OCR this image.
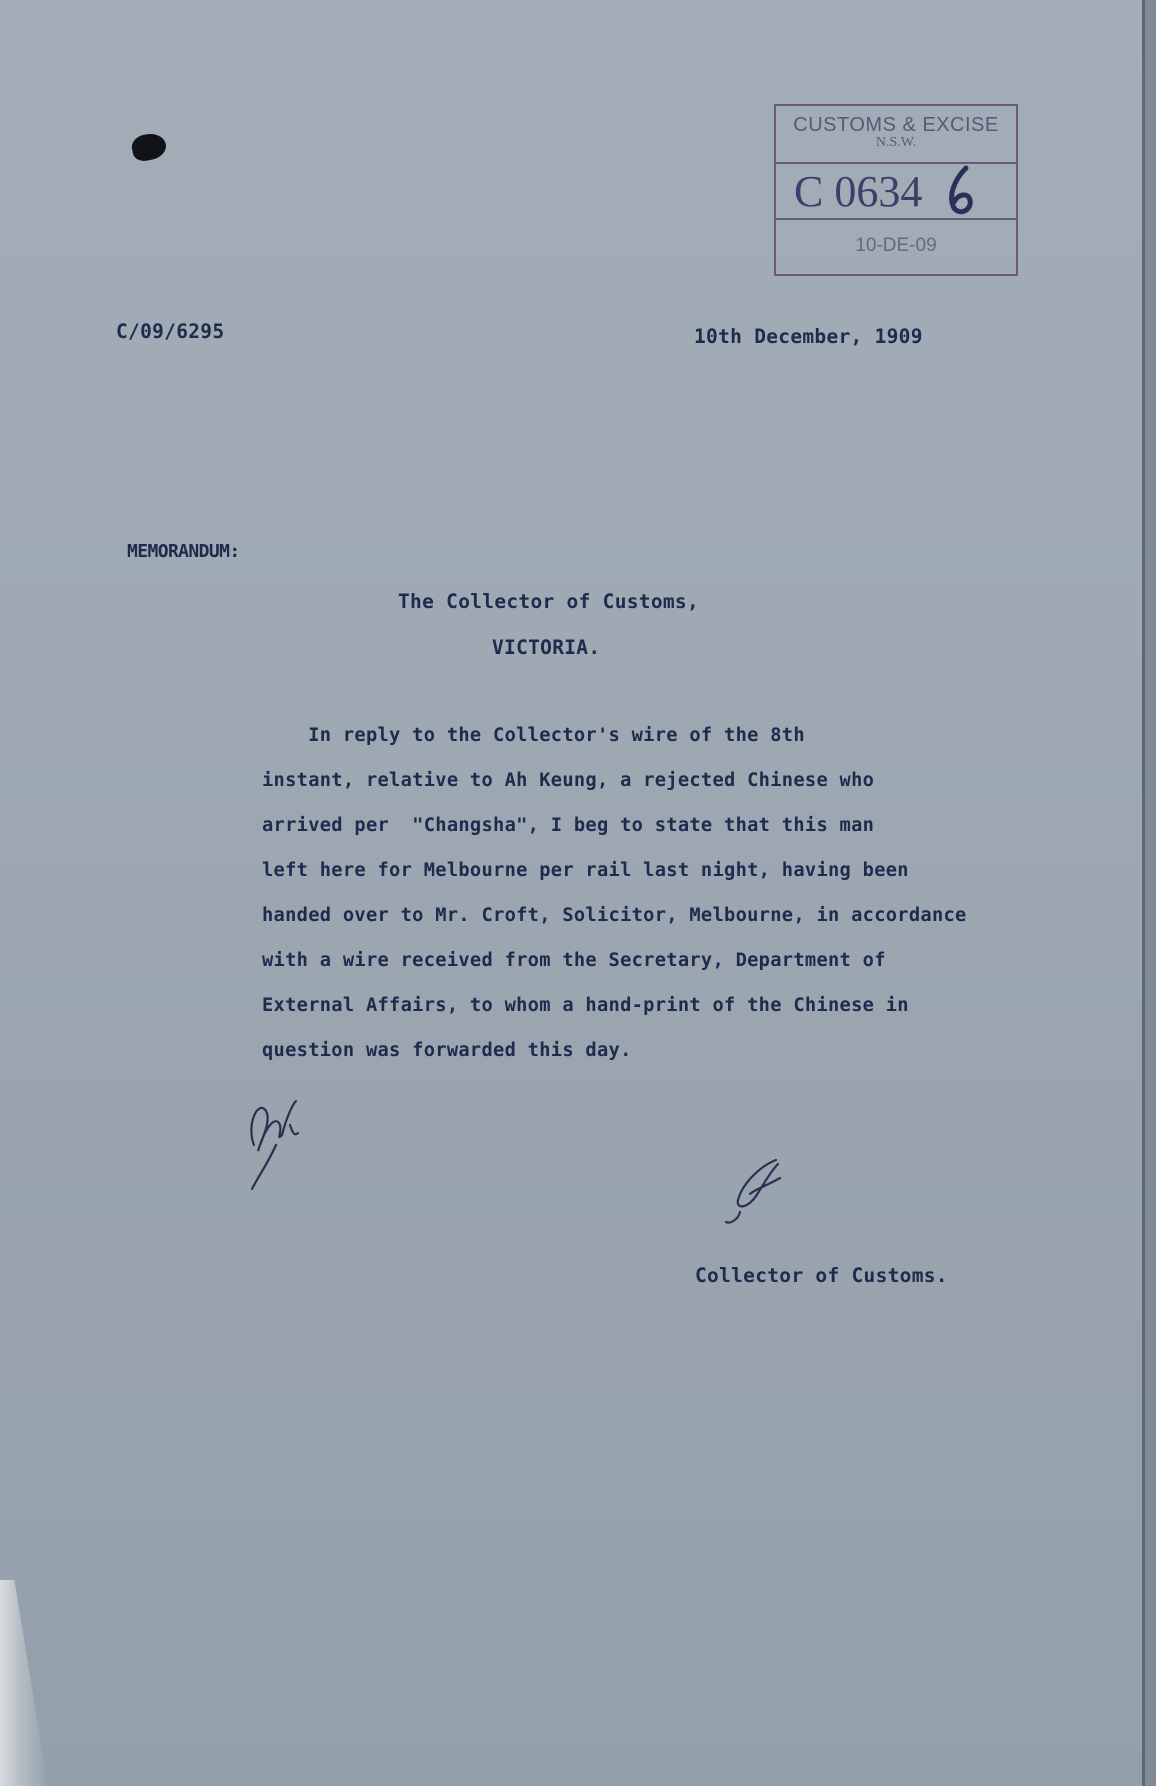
CUSTOMS & EXCISE
N.S.W.
C 0634
10-DE-09
C/09/6295	10th December, 1909
MEMORANDUM:
The Collector of Customs,
VICTORIA.
In reply to the Collector's wire of the 8th
instant, relative to Ah Keung, a rejected Chinese who
arrived per  "Changsha", I beg to state that this man
left here for Melbourne per rail last night, having been
handed over to Mr. Croft, Solicitor, Melbourne, in accordance
with a wire received from the Secretary, Department of
External Affairs, to whom a hand-print of the Chinese in
question was forwarded this day.
Collector of Customs.
